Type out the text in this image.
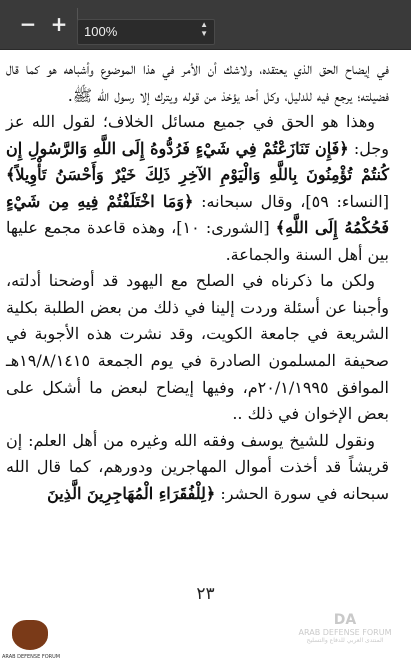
− +	100%	▲
▼

في إيضاح الحق الذي يعتقده، ولاشك أن الأمر في هذا الموضوع وأشباهه هو كما قال فضيلته؛ يرجع فيه للدليل، وكل أحد يؤخذ من قوله ويترك إلا رسول الله ﷺ.

وهذا هو الحق في جميع مسائل الخلاف؛ لقول الله عز وجل: ﴿فَإِن تَنَازَعْتُمْ فِي شَيْءٍ فَرُدُّوهُ إِلَى اللَّهِ وَالرَّسُولِ إِن كُنتُمْ تُؤْمِنُونَ بِاللَّهِ وَالْيَوْمِ الآخِرِ ذَلِكَ خَيْرٌ وَأَحْسَنُ تَأْوِيلاً﴾ [النساء: ٥٩]، وقال سبحانه: ﴿وَمَا اخْتَلَفْتُمْ فِيهِ مِن شَيْءٍ فَحُكْمُهُ إِلَى اللَّهِ﴾ [الشورى: ١٠]، وهذه قاعدة مجمع عليها بين أهل السنة والجماعة.

ولكن ما ذكرناه في الصلح مع اليهود قد أوضحنا أدلته، وأجبنا عن أسئلة وردت إلينا في ذلك من بعض الطلبة بكلية الشريعة في جامعة الكويت، وقد نشرت هذه الأجوبة في صحيفة المسلمون الصادرة في يوم الجمعة ١٩/٨/١٤١٥هـ الموافق ٢٠/١/١٩٩٥م، وفيها إيضاح لبعض ما أشكل على بعض الإخوان في ذلك ..

ونقول للشيخ يوسف وفقه الله وغيره من أهل العلم: إن قريشاً قد أخذت أموال المهاجرين ودورهم، كما قال الله سبحانه في سورة الحشر: ﴿لِلْفُقَرَاءِ الْمُهَاجِرِينَ الَّذِينَ

٢٣
ARAB DEFENSE FORUM
DA
ARAB DEFENSE FORUM
المنتدى العربي للدفاع والتسليح
